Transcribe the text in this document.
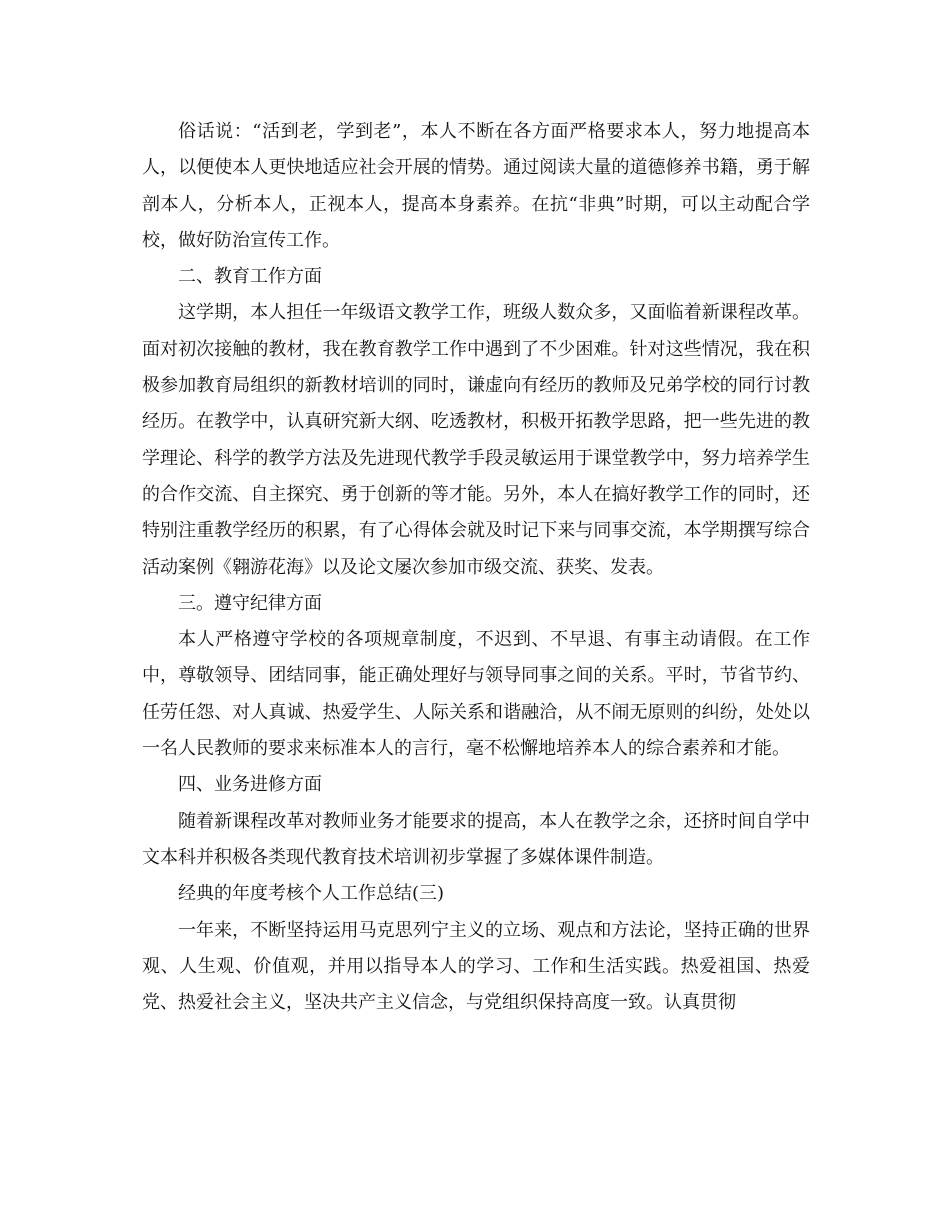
俗话说：“活到老，学到老”，本人不断在各方面严格要求本人，努力地提高本人，以便使本人更快地适应社会开展的情势。通过阅读大量的道德修养书籍，勇于解剖本人，分析本人，正视本人，提高本身素养。在抗“非典”时期，可以主动配合学校，做好防治宣传工作。

二、教育工作方面

这学期，本人担任一年级语文教学工作，班级人数众多，又面临着新课程改革。面对初次接触的教材，我在教育教学工作中遇到了不少困难。针对这些情况，我在积极参加教育局组织的新教材培训的同时，谦虚向有经历的教师及兄弟学校的同行讨教经历。在教学中，认真研究新大纲、吃透教材，积极开拓教学思路，把一些先进的教学理论、科学的教学方法及先进现代教学手段灵敏运用于课堂教学中，努力培养学生的合作交流、自主探究、勇于创新的等才能。另外，本人在搞好教学工作的同时，还特别注重教学经历的积累，有了心得体会就及时记下来与同事交流，本学期撰写综合活动案例《翱游花海》以及论文屡次参加市级交流、获奖、发表。

三。遵守纪律方面

本人严格遵守学校的各项规章制度，不迟到、不早退、有事主动请假。在工作中，尊敬领导、团结同事，能正确处理好与领导同事之间的关系。平时，节省节约、任劳任怨、对人真诚、热爱学生、人际关系和谐融洽，从不闹无原则的纠纷，处处以一名人民教师的要求来标准本人的言行，毫不松懈地培养本人的综合素养和才能。

四、业务进修方面

随着新课程改革对教师业务才能要求的提高，本人在教学之余，还挤时间自学中文本科并积极各类现代教育技术培训初步掌握了多媒体课件制造。

经典的年度考核个人工作总结(三)

一年来，不断坚持运用马克思列宁主义的立场、观点和方法论，坚持正确的世界观、人生观、价值观，并用以指导本人的学习、工作和生活实践。热爱祖国、热爱党、热爱社会主义，坚决共产主义信念，与党组织保持高度一致。认真贯彻
